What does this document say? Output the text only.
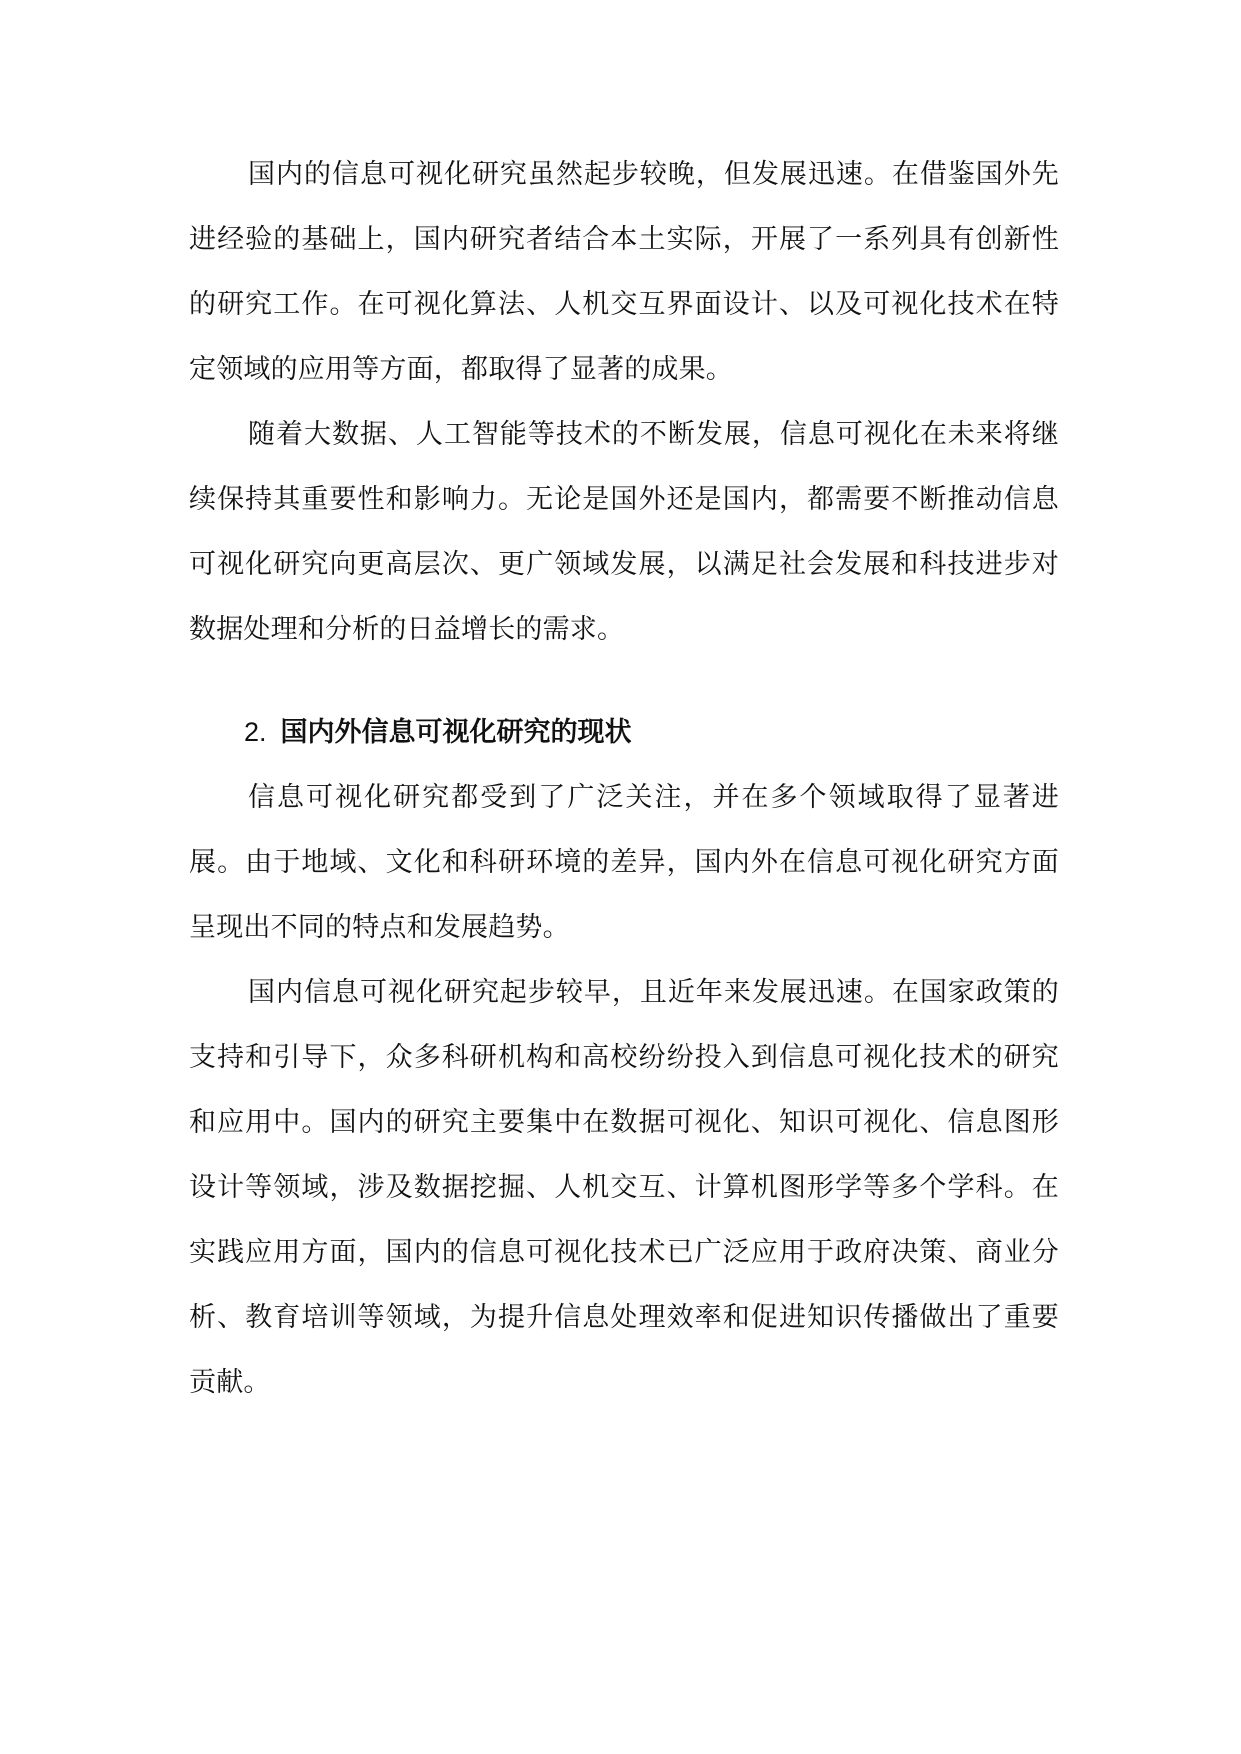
国内的信息可视化研究虽然起步较晚，但发展迅速。在借鉴国外先进经验的基础上，国内研究者结合本土实际，开展了一系列具有创新性的研究工作。在可视化算法、人机交互界面设计、以及可视化技术在特定领域的应用等方面，都取得了显著的成果。

随着大数据、人工智能等技术的不断发展，信息可视化在未来将继续保持其重要性和影响力。无论是国外还是国内，都需要不断推动信息可视化研究向更高层次、更广领域发展，以满足社会发展和科技进步对数据处理和分析的日益增长的需求。

2. 国内外信息可视化研究的现状

信息可视化研究都受到了广泛关注，并在多个领域取得了显著进展。由于地域、文化和科研环境的差异，国内外在信息可视化研究方面呈现出不同的特点和发展趋势。

国内信息可视化研究起步较早，且近年来发展迅速。在国家政策的支持和引导下，众多科研机构和高校纷纷投入到信息可视化技术的研究和应用中。国内的研究主要集中在数据可视化、知识可视化、信息图形设计等领域，涉及数据挖掘、人机交互、计算机图形学等多个学科。在实践应用方面，国内的信息可视化技术已广泛应用于政府决策、商业分析、教育培训等领域，为提升信息处理效率和促进知识传播做出了重要贡献。
